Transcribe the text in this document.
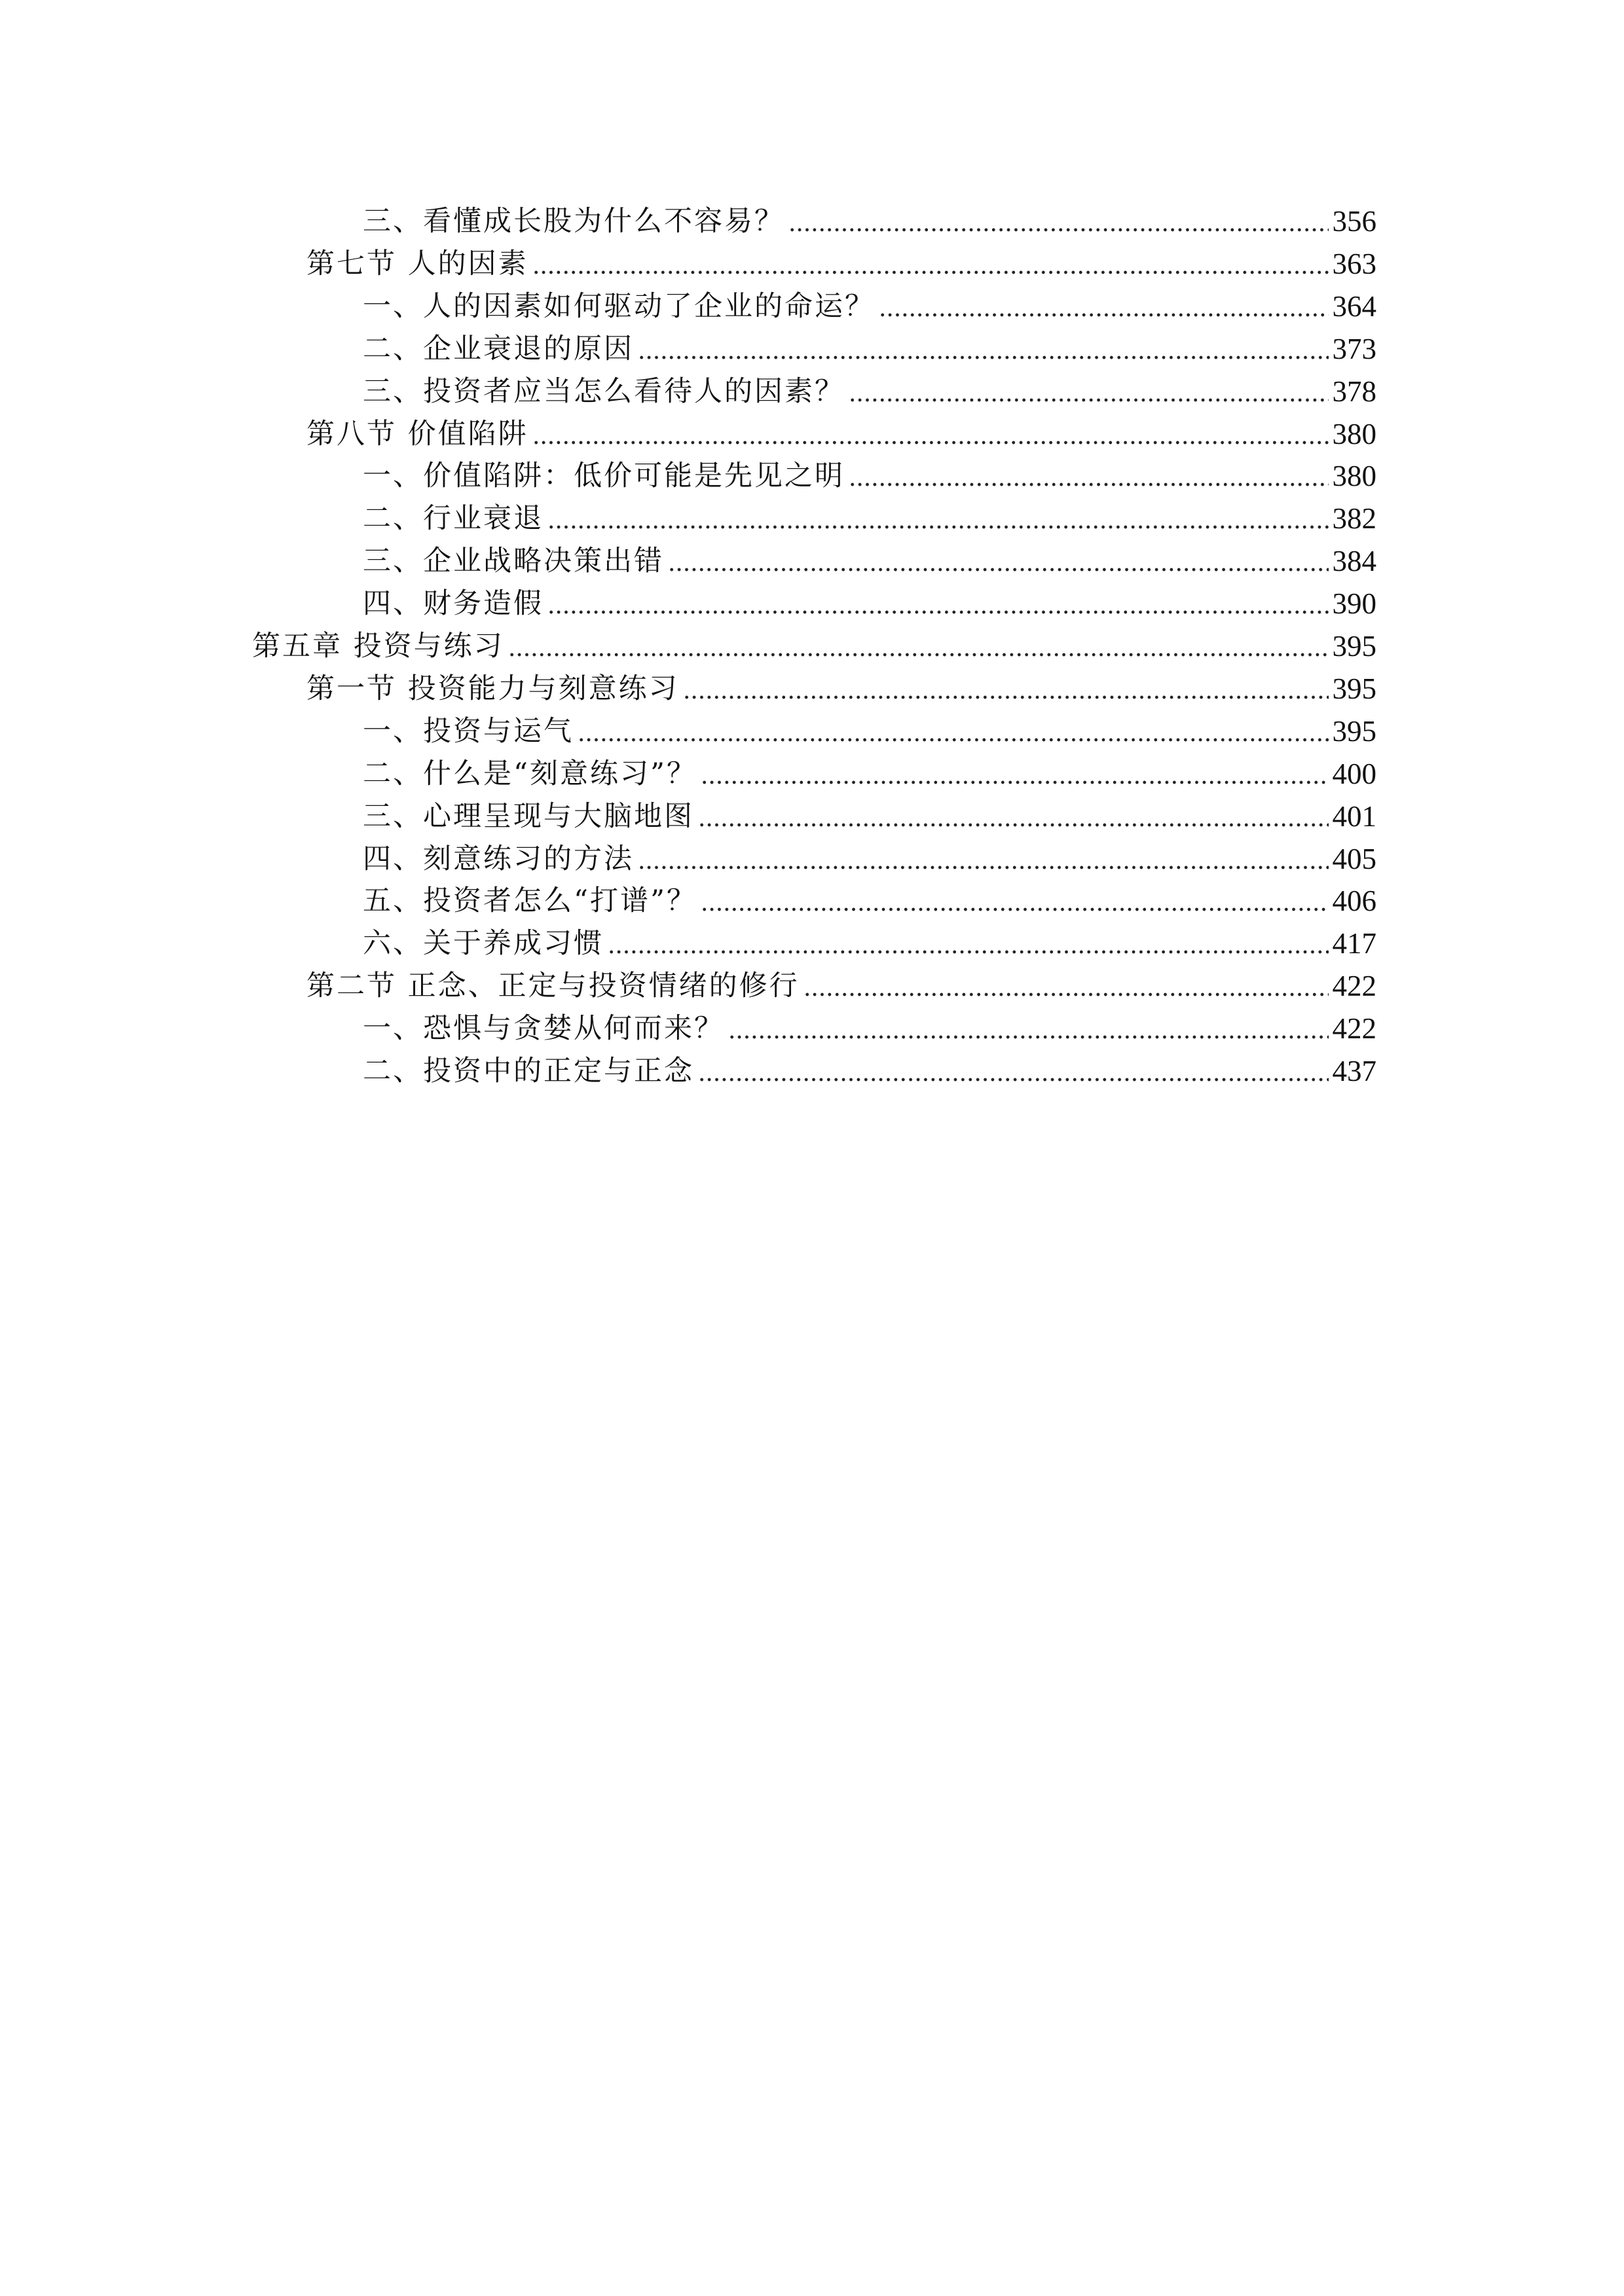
三、看懂成长股为什么不容易？	356
第七节 人的因素	363
一、人的因素如何驱动了企业的命运？	364
二、企业衰退的原因	373
三、投资者应当怎么看待人的因素？	378
第八节 价值陷阱	380
一、价值陷阱：低价可能是先见之明	380
二、行业衰退	382
三、企业战略决策出错	384
四、财务造假	390
第五章 投资与练习	395
第一节 投资能力与刻意练习	395
一、投资与运气	395
二、什么是“刻意练习”？	400
三、心理呈现与大脑地图	401
四、刻意练习的方法	405
五、投资者怎么“打谱”？	406
六、关于养成习惯	417
第二节 正念、正定与投资情绪的修行	422
一、恐惧与贪婪从何而来？	422
二、投资中的正定与正念	437
